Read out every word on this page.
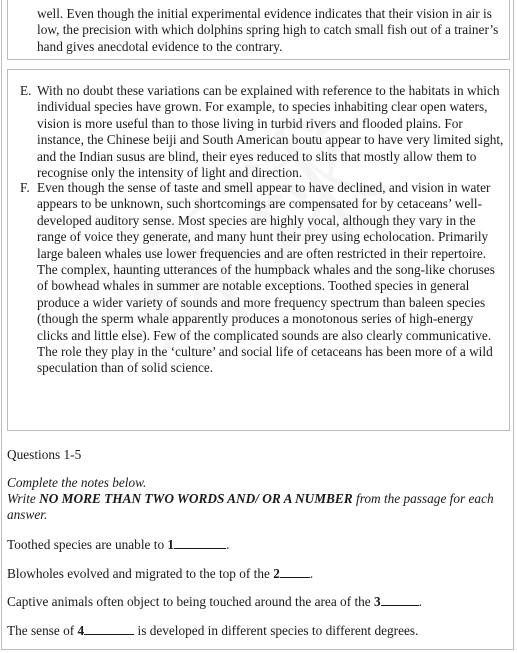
well. Even though the initial experimental evidence indicates that their vision in air is low, the precision with which dolphins spring high to catch small fish out of a trainer’s hand gives anecdotal evidence to the contrary.

E. With no doubt these variations can be explained with reference to the habitats in which individual species have grown. For example, to species inhabiting clear open waters, vision is more useful than to those living in turbid rivers and flooded plains. For instance, the Chinese beiji and South American boutu appear to have very limited sight, and the Indian susus are blind, their eyes reduced to slits that mostly allow them to recognise only the intensity of light and direction.

F. Even though the sense of taste and smell appear to have declined, and vision in water appears to be unknown, such shortcomings are compensated for by cetaceans’ well-developed auditory sense. Most species are highly vocal, although they vary in the range of voice they generate, and many hunt their prey using echolocation. Primarily large baleen whales use lower frequencies and are often restricted in their repertoire. The complex, haunting utterances of the humpback whales and the song-like choruses of bowhead whales in summer are notable exceptions. Toothed species in general produce a wider variety of sounds and more frequency spectrum than baleen species (though the sperm whale apparently produces a monotonous series of high-energy clicks and little else). Few of the complicated sounds are also clearly communicative. The role they play in the ‘culture’ and social life of cetaceans has been more of a wild speculation than of solid science.

Questions 1-5

Complete the notes below.

Write NO MORE THAN TWO WORDS AND/ OR A NUMBER from the passage for each answer.

Toothed species are unable to 1	.

Blowholes evolved and migrated to the top of the 2 .

Captive animals often object to being touched around the area of the 3	.

The sense of 4	is developed in different species to different degrees.
